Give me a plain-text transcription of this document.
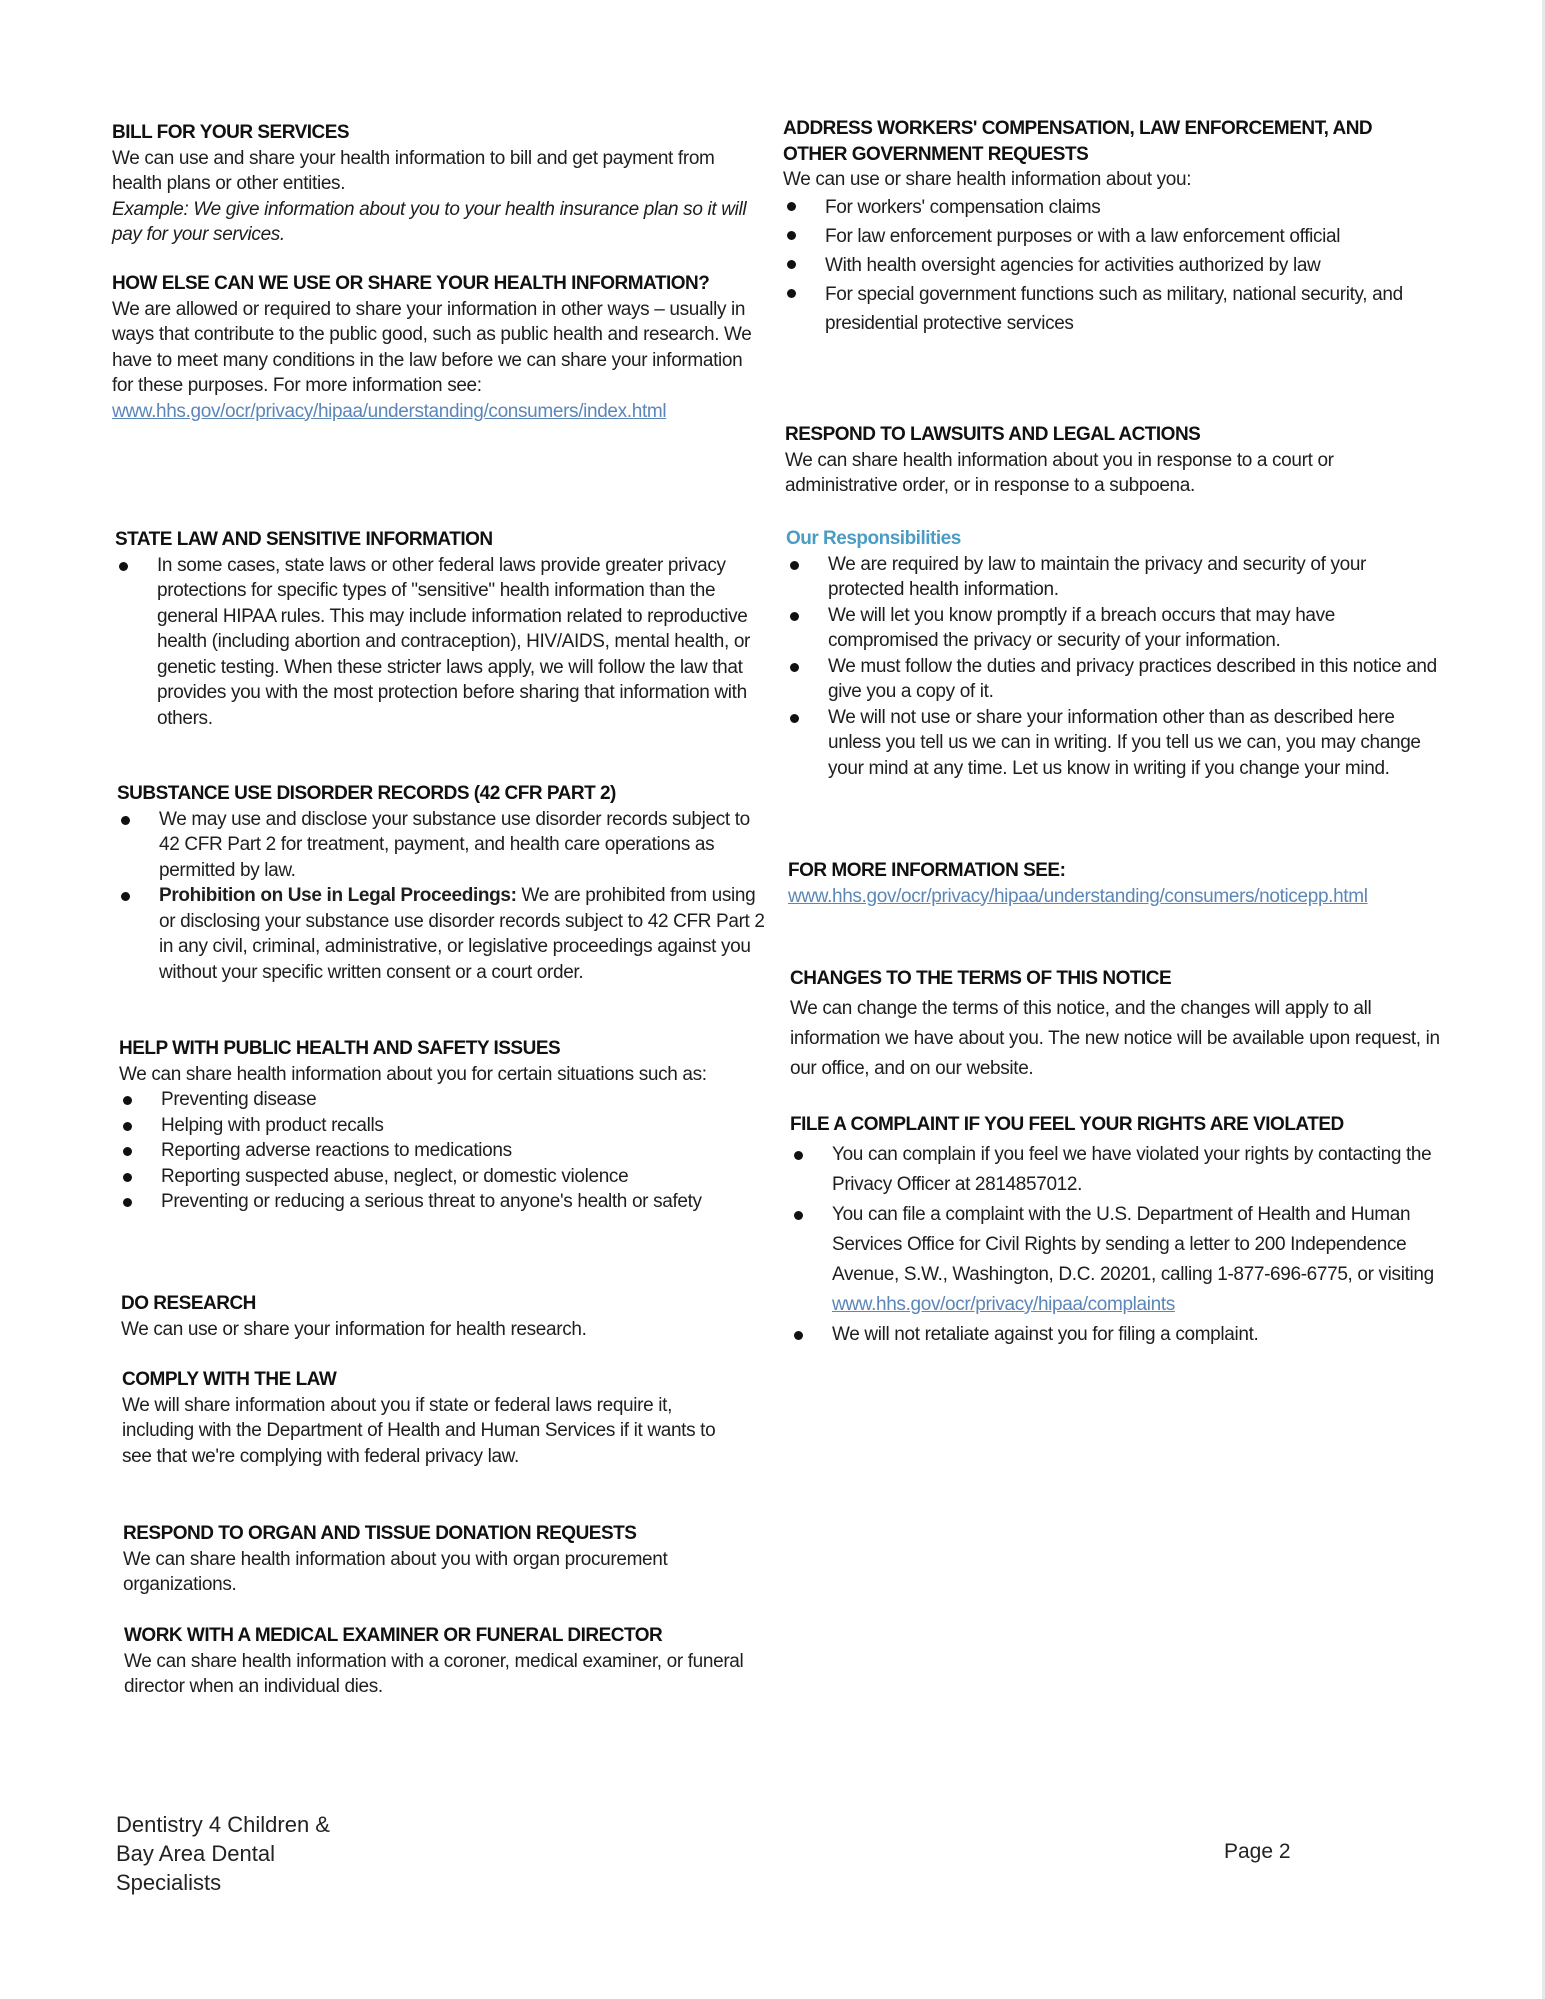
BILL FOR YOUR SERVICES

We can use and share your health information to bill and get payment from health plans or other entities.

Example: We give information about you to your health insurance plan so it will pay for your services.

HOW ELSE CAN WE USE OR SHARE YOUR HEALTH INFORMATION?

We are allowed or required to share your information in other ways – usually in ways that contribute to the public good, such as public health and research. We have to meet many conditions in the law before we can share your information for these purposes. For more information see:

www.hhs.gov/ocr/privacy/hipaa/understanding/consumers/index.html
STATE LAW AND SENSITIVE INFORMATION
In some cases, state laws or other federal laws provide greater privacy protections for specific types of "sensitive" health information than the general HIPAA rules. This may include information related to reproductive health (including abortion and contraception), HIV/AIDS, mental health, or genetic testing. When these stricter laws apply, we will follow the law that provides you with the most protection before sharing that information with others.
SUBSTANCE USE DISORDER RECORDS (42 CFR PART 2)
We may use and disclose your substance use disorder records subject to 42 CFR Part 2 for treatment, payment, and health care operations as permitted by law.
Prohibition on Use in Legal Proceedings: We are prohibited from using or disclosing your substance use disorder records subject to 42 CFR Part 2 in any civil, criminal, administrative, or legislative proceedings against you without your specific written consent or a court order.
HELP WITH PUBLIC HEALTH AND SAFETY ISSUES

We can share health information about you for certain situations such as:

Preventing disease
Helping with product recalls
Reporting adverse reactions to medications
Reporting suspected abuse, neglect, or domestic violence
Preventing or reducing a serious threat to anyone's health or safety
DO RESEARCH

We can use or share your information for health research.

COMPLY WITH THE LAW

We will share information about you if state or federal laws require it, including with the Department of Health and Human Services if it wants to see that we're complying with federal privacy law.

RESPOND TO ORGAN AND TISSUE DONATION REQUESTS

We can share health information about you with organ procurement organizations.

WORK WITH A MEDICAL EXAMINER OR FUNERAL DIRECTOR

We can share health information with a coroner, medical examiner, or funeral director when an individual dies.

ADDRESS WORKERS' COMPENSATION, LAW ENFORCEMENT, AND OTHER GOVERNMENT REQUESTS

We can use or share health information about you:

For workers' compensation claims
For law enforcement purposes or with a law enforcement official
With health oversight agencies for activities authorized by law
For special government functions such as military, national security, and presidential protective services
RESPOND TO LAWSUITS AND LEGAL ACTIONS

We can share health information about you in response to a court or administrative order, or in response to a subpoena.

Our Responsibilities
We are required by law to maintain the privacy and security of your protected health information.
We will let you know promptly if a breach occurs that may have compromised the privacy or security of your information.
We must follow the duties and privacy practices described in this notice and give you a copy of it.
We will not use or share your information other than as described here unless you tell us we can in writing. If you tell us we can, you may change your mind at any time. Let us know in writing if you change your mind.
FOR MORE INFORMATION SEE:
www.hhs.gov/ocr/privacy/hipaa/understanding/consumers/noticepp.html
CHANGES TO THE TERMS OF THIS NOTICE

We can change the terms of this notice, and the changes will apply to all information we have about you. The new notice will be available upon request, in our office, and on our website.

FILE A COMPLAINT IF YOU FEEL YOUR RIGHTS ARE VIOLATED
You can complain if you feel we have violated your rights by contacting the Privacy Officer at 2814857012.
You can file a complaint with the U.S. Department of Health and Human Services Office for Civil Rights by sending a letter to 200 Independence Avenue, S.W., Washington, D.C. 20201, calling 1-877-696-6775, or visiting
www.hhs.gov/ocr/privacy/hipaa/complaints
We will not retaliate against you for filing a complaint.
Dentistry 4 Children &
Bay Area Dental
Specialists
Page 2
